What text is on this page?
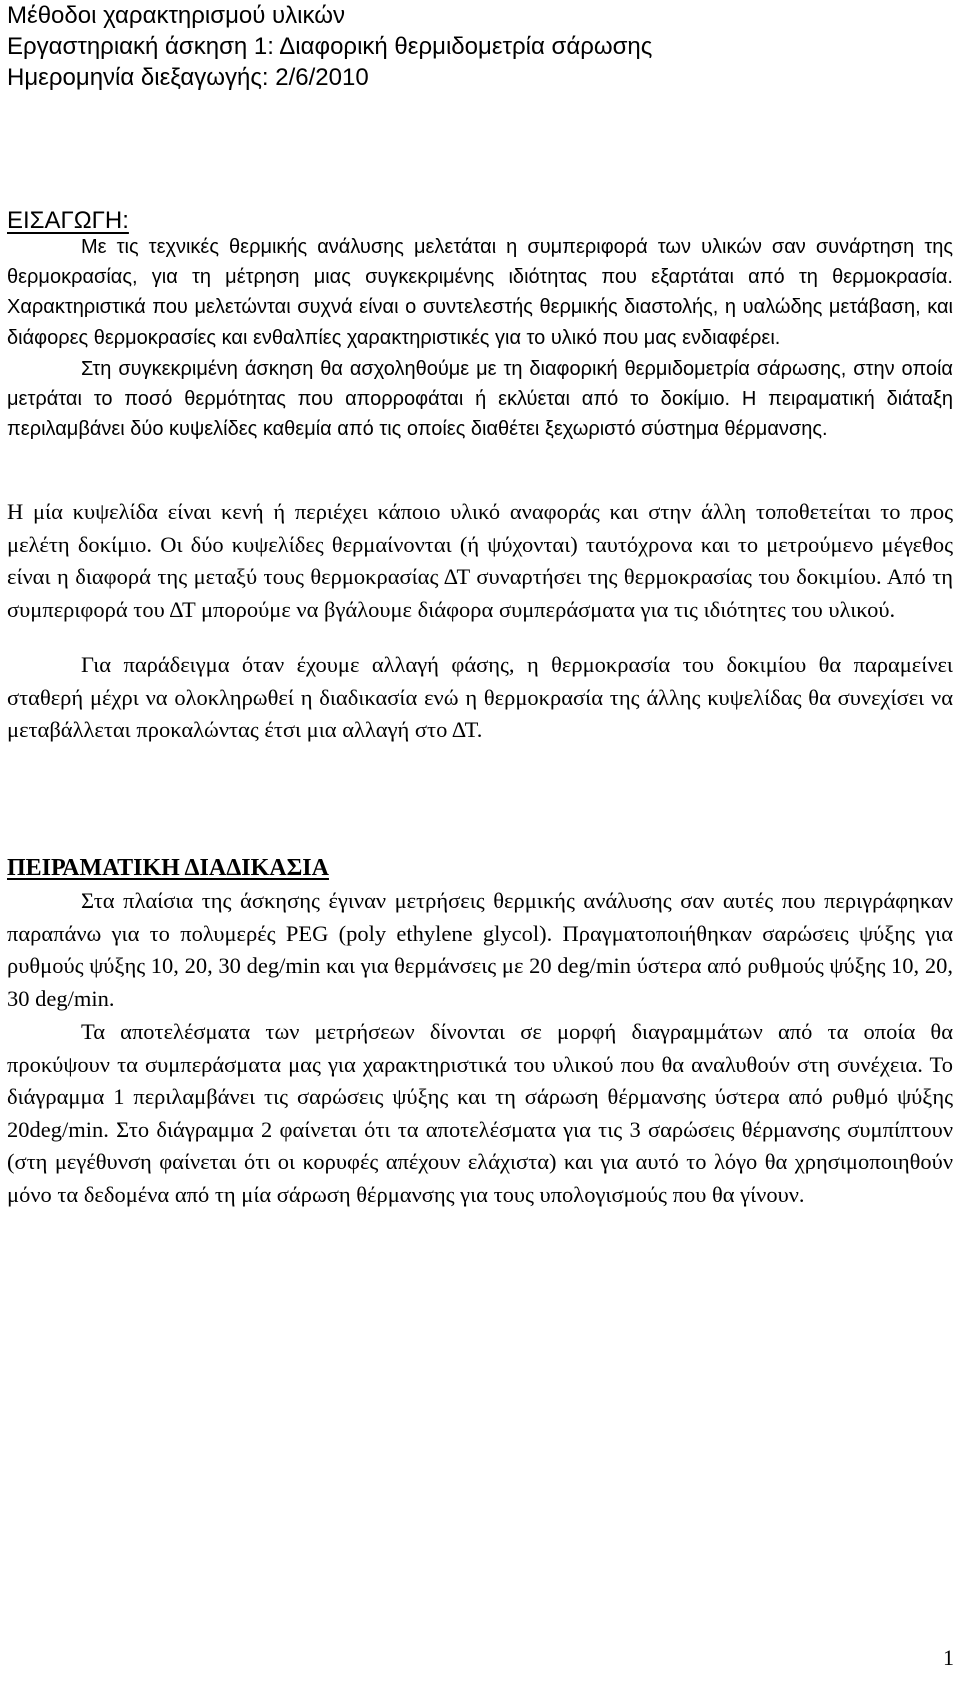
Μέθοδοι χαρακτηρισμού υλικών
Εργαστηριακή άσκηση 1: Διαφορική θερμιδομετρία σάρωσης
Ημερομηνία διεξαγωγής: 2/6/2010
ΕΙΣΑΓΩΓΗ:

Με τις τεχνικές θερμικής ανάλυσης μελετάται η συμπεριφορά των υλικών σαν συνάρτηση της θερμοκρασίας, για τη μέτρηση μιας συγκεκριμένης ιδιότητας που εξαρτάται από τη θερμοκρασία. Χαρακτηριστικά που μελετώνται συχνά είναι ο συντελεστής θερμικής διαστολής, η υαλώδης μετάβαση, και διάφορες θερμοκρασίες και ενθαλπίες χαρακτηριστικές για το υλικό που μας ενδιαφέρει.

Στη συγκεκριμένη άσκηση θα ασχοληθούμε με τη διαφορική θερμιδομετρία σάρωσης, στην οποία μετράται το ποσό θερμότητας που απορροφάται ή εκλύεται από το δοκίμιο. Η πειραματική διάταξη περιλαμβάνει δύο κυψελίδες καθεμία από τις οποίες διαθέτει ξεχωριστό σύστημα θέρμανσης.

Η μία κυψελίδα είναι κενή ή περιέχει κάποιο υλικό αναφοράς και στην άλλη τοποθετείται το προς μελέτη δοκίμιο. Οι δύο κυψελίδες θερμαίνονται (ή ψύχονται) ταυτόχρονα και το μετρούμενο μέγεθος είναι η διαφορά της μεταξύ τους θερμοκρασίας ΔΤ συναρτήσει της θερμοκρασίας του δοκιμίου. Από τη συμπεριφορά του ΔΤ μπορούμε να βγάλουμε διάφορα συμπεράσματα για τις ιδιότητες του υλικού.

Για παράδειγμα όταν έχουμε αλλαγή φάσης, η θερμοκρασία του δοκιμίου θα παραμείνει σταθερή μέχρι να ολοκληρωθεί η διαδικασία ενώ η θερμοκρασία της άλλης κυψελίδας θα συνεχίσει να μεταβάλλεται προκαλώντας έτσι μια αλλαγή στο ΔΤ.

ΠΕΙΡΑΜΑΤΙΚΗ ΔΙΑΔΙΚΑΣΙΑ

Στα πλαίσια της άσκησης έγιναν μετρήσεις θερμικής ανάλυσης σαν αυτές που περιγράφηκαν παραπάνω για το πολυμερές PEG (poly ethylene glycol). Πραγματοποιήθηκαν σαρώσεις ψύξης για ρυθμούς ψύξης 10, 20, 30 deg/min και για θερμάνσεις με 20 deg/min ύστερα από ρυθμούς ψύξης 10, 20, 30 deg/min.

Τα αποτελέσματα των μετρήσεων δίνονται σε μορφή διαγραμμάτων από τα οποία θα προκύψουν τα συμπεράσματα μας για χαρακτηριστικά του υλικού που θα αναλυθούν στη συνέχεια. Το διάγραμμα 1 περιλαμβάνει τις σαρώσεις ψύξης και τη σάρωση θέρμανσης ύστερα από ρυθμό ψύξης 20deg/min. Στο διάγραμμα 2 φαίνεται ότι τα αποτελέσματα για τις 3 σαρώσεις θέρμανσης συμπίπτουν (στη μεγέθυνση φαίνεται ότι οι κορυφές απέχουν ελάχιστα) και για αυτό το λόγο θα χρησιμοποιηθούν μόνο τα δεδομένα από τη μία σάρωση θέρμανσης για τους υπολογισμούς που θα γίνουν.

1
